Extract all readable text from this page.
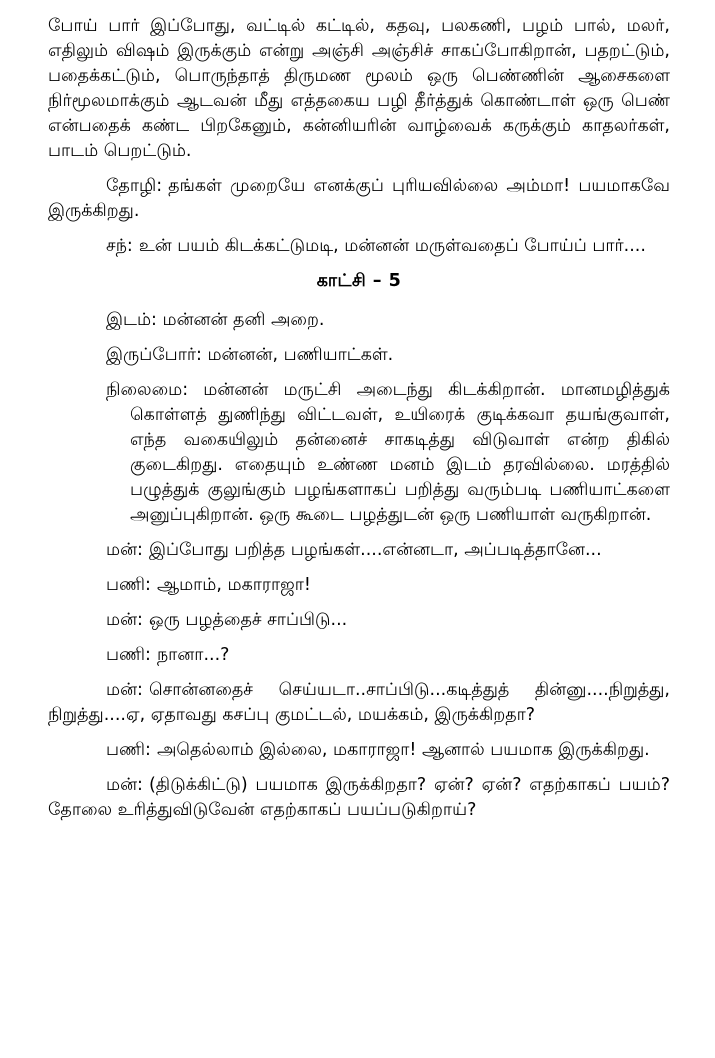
போய் பார் இப்போது, வட்டில் கட்டில், கதவு, பலகணி, பழம் பால், மலர், எதிலும் விஷம் இருக்கும் என்று அஞ்சி அஞ்சிச் சாகப்போகிறான், பதறட்டும், பதைக்கட்டும், பொருந்தாத் திருமண மூலம் ஒரு பெண்ணின் ஆசைகளை நிர்மூலமாக்கும் ஆடவன் மீது எத்தகைய பழி தீர்த்துக் கொண்டாள் ஒரு பெண் என்பதைக் கண்ட பிறகேனும், கன்னியரின் வாழ்வைக் கருக்கும் காதலர்கள், பாடம் பெறட்டும்.

தோழி: தங்கள் முறையே எனக்குப் புரியவில்லை அம்மா! பயமாகவே இருக்கிறது.

சந்: உன் பயம் கிடக்கட்டுமடி, மன்னன் மருள்வதைப் போய்ப் பார்....

காட்சி – 5

இடம்: மன்னன் தனி அறை.

இருப்போர்: மன்னன், பணியாட்கள்.

நிலைமை: மன்னன் மருட்சி அடைந்து கிடக்கிறான். மானமழித்துக் கொள்ளத் துணிந்து விட்டவள், உயிரைக் குடிக்கவா தயங்குவாள், எந்த வகையிலும் தன்னைச் சாகடித்து விடுவாள் என்ற திகில் குடைகிறது. எதையும் உண்ண மனம் இடம் தரவில்லை. மரத்தில் பழுத்துக் குலுங்கும் பழங்களாகப் பறித்து வரும்படி பணியாட்களை அனுப்புகிறான். ஒரு கூடை பழத்துடன் ஒரு பணியாள் வருகிறான்.

மன்: இப்போது பறித்த பழங்கள்....என்னடா, அப்படித்தானே...

பணி: ஆமாம், மகாராஜா!

மன்: ஒரு பழத்தைச் சாப்பிடு...

பணி: நானா...?

மன்: சொன்னதைச் செய்யடா..சாப்பிடு...கடித்துத் தின்னு....நிறுத்து, நிறுத்து....ஏ, ஏதாவது கசப்பு குமட்டல், மயக்கம், இருக்கிறதா?

பணி: அதெல்லாம் இல்லை, மகாராஜா! ஆனால் பயமாக இருக்கிறது.

மன்: (திடுக்கிட்டு) பயமாக இருக்கிறதா? ஏன்? ஏன்? எதற்காகப் பயம்? தோலை உரித்துவிடுவேன் எதற்காகப் பயப்படுகிறாய்?
